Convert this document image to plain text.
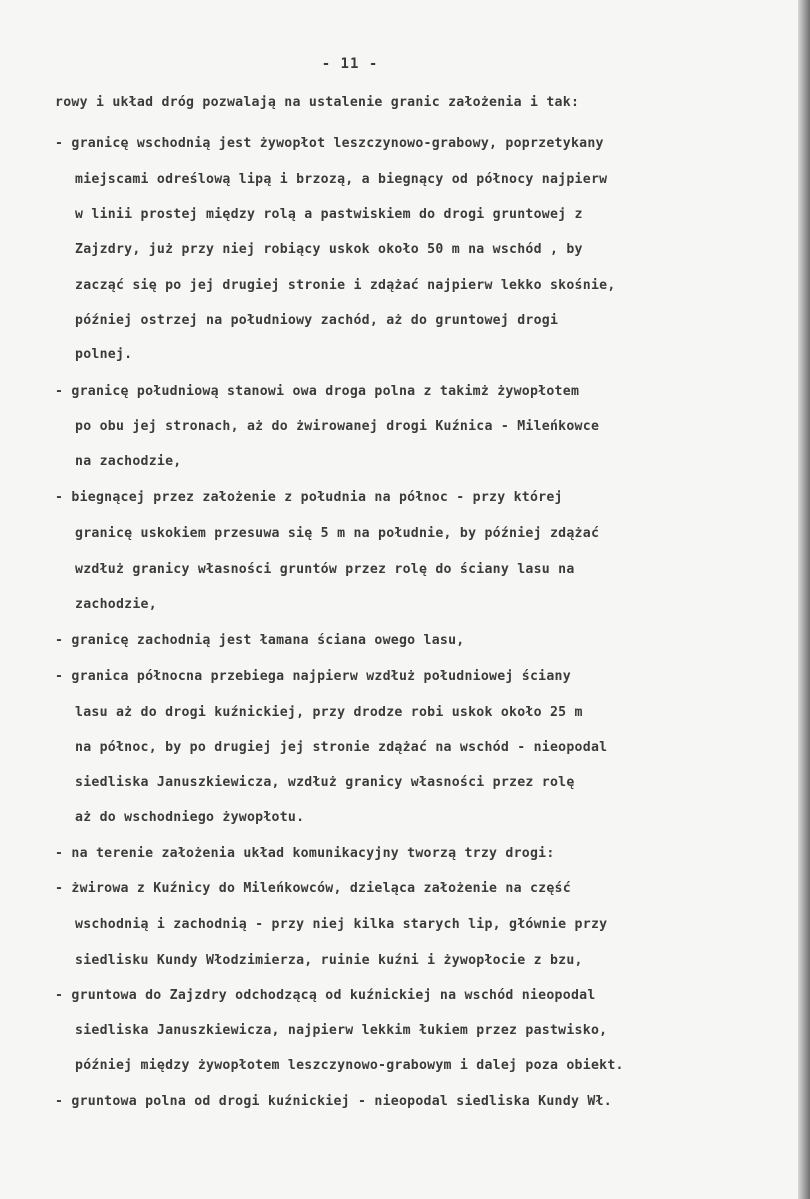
- 11 -
rowy i układ dróg pozwalają na ustalenie granic założenia i tak:
- granicę wschodnią jest żywopłot leszczynowo-grabowy, poprzetykany
miejscami odreślową lipą i brzozą, a biegnący od północy najpierw
w linii prostej między rolą a pastwiskiem do drogi gruntowej z
Zajzdry, już przy niej robiący uskok około 50 m na wschód , by
zacząć się po jej drugiej stronie i zdążać najpierw lekko skośnie,
później ostrzej na południowy zachód, aż do gruntowej drogi
polnej.
- granicę południową stanowi owa droga polna z takimż żywopłotem
po obu jej stronach, aż do żwirowanej drogi Kuźnica - Mileńkowce
na zachodzie,
- biegnącej przez założenie z południa na północ - przy której
granicę uskokiem przesuwa się 5 m na południe, by później zdążać
wzdłuż granicy własności gruntów przez rolę do ściany lasu na
zachodzie,
- granicę zachodnią jest łamana ściana owego lasu,
- granica północna przebiega najpierw wzdłuż południowej ściany
lasu aż do drogi kuźnickiej, przy drodze robi uskok około 25 m
na północ, by po drugiej jej stronie zdążać na wschód - nieopodal
siedliska Januszkiewicza, wzdłuż granicy własności przez rolę
aż do wschodniego żywopłotu.
- na terenie założenia układ komunikacyjny tworzą trzy drogi:
- żwirowa z Kuźnicy do Mileńkowców, dzieląca założenie na część
wschodnią i zachodnią - przy niej kilka starych lip, głównie przy
siedlisku Kundy Włodzimierza, ruinie kuźni i żywopłocie z bzu,
- gruntowa do Zajzdry odchodzącą od kuźnickiej na wschód nieopodal
siedliska Januszkiewicza, najpierw lekkim łukiem przez pastwisko,
później między żywopłotem leszczynowo-grabowym i dalej poza obiekt.
- gruntowa polna od drogi kuźnickiej - nieopodal siedliska Kundy Wł.
